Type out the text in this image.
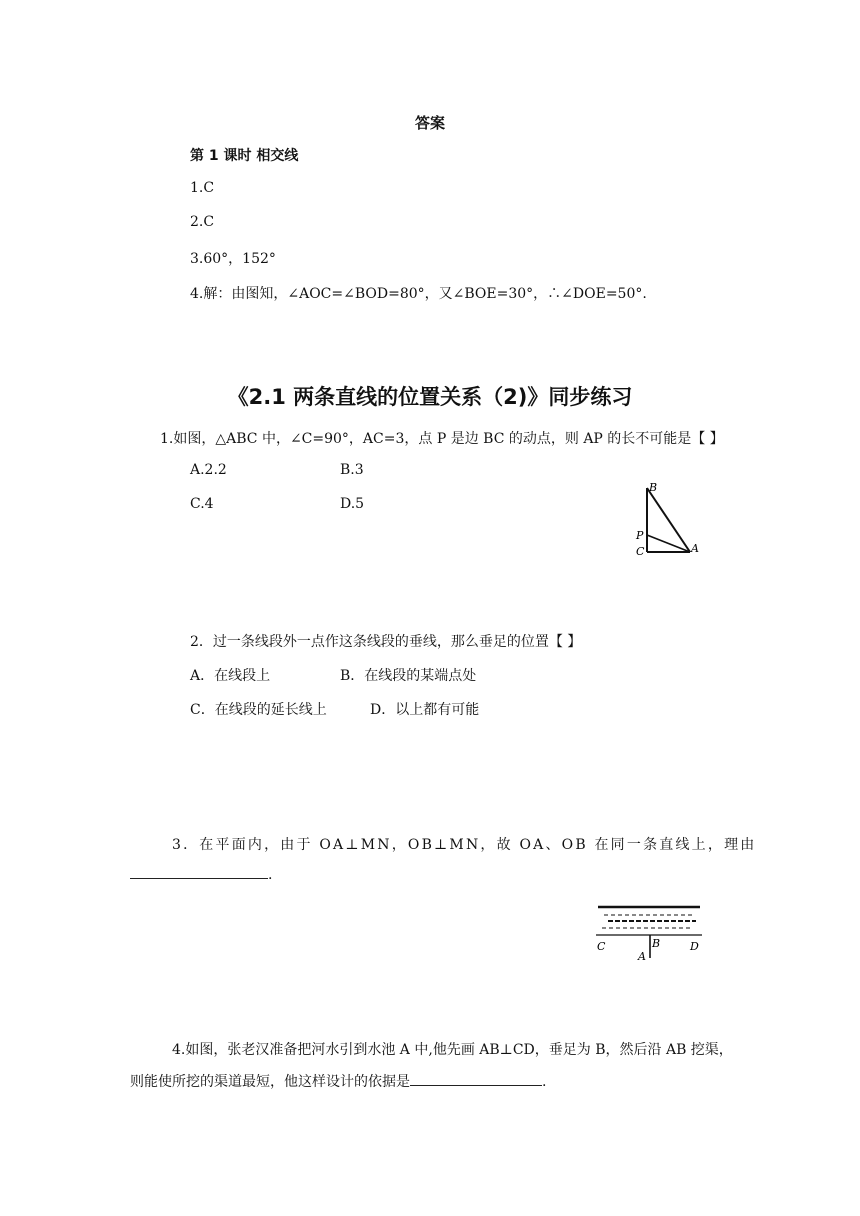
答案
第 1 课时 相交线
1.C
2.C
3.60°，152°
4.解：由图知，∠AOC=∠BOD=80°，又∠BOE=30°，∴∠DOE=50°.
《2.1 两条直线的位置关系（2)》同步练习
1.如图，△ABC 中，∠C=90°，AC=3，点 P 是边 BC 的动点，则 AP 的长不可能是【 】
A.2.2	B.3
C.4	D.5
B
P
C	A
2．过一条线段外一点作这条线段的垂线，那么垂足的位置【 】
A．在线段上	B．在线段的某端点处
C．在线段的延长线上	D．以上都有可能
3．在平面内，由于 OA⊥MN，OB⊥MN，故 OA、OB 在同一条直线上，理由
.
C	B	D
A
4.如图，张老汉准备把河水引到水池 A 中,他先画 AB⊥CD，垂足为 B，然后沿 AB 挖渠，
则能使所挖的渠道最短，他这样设计的依据是	.
